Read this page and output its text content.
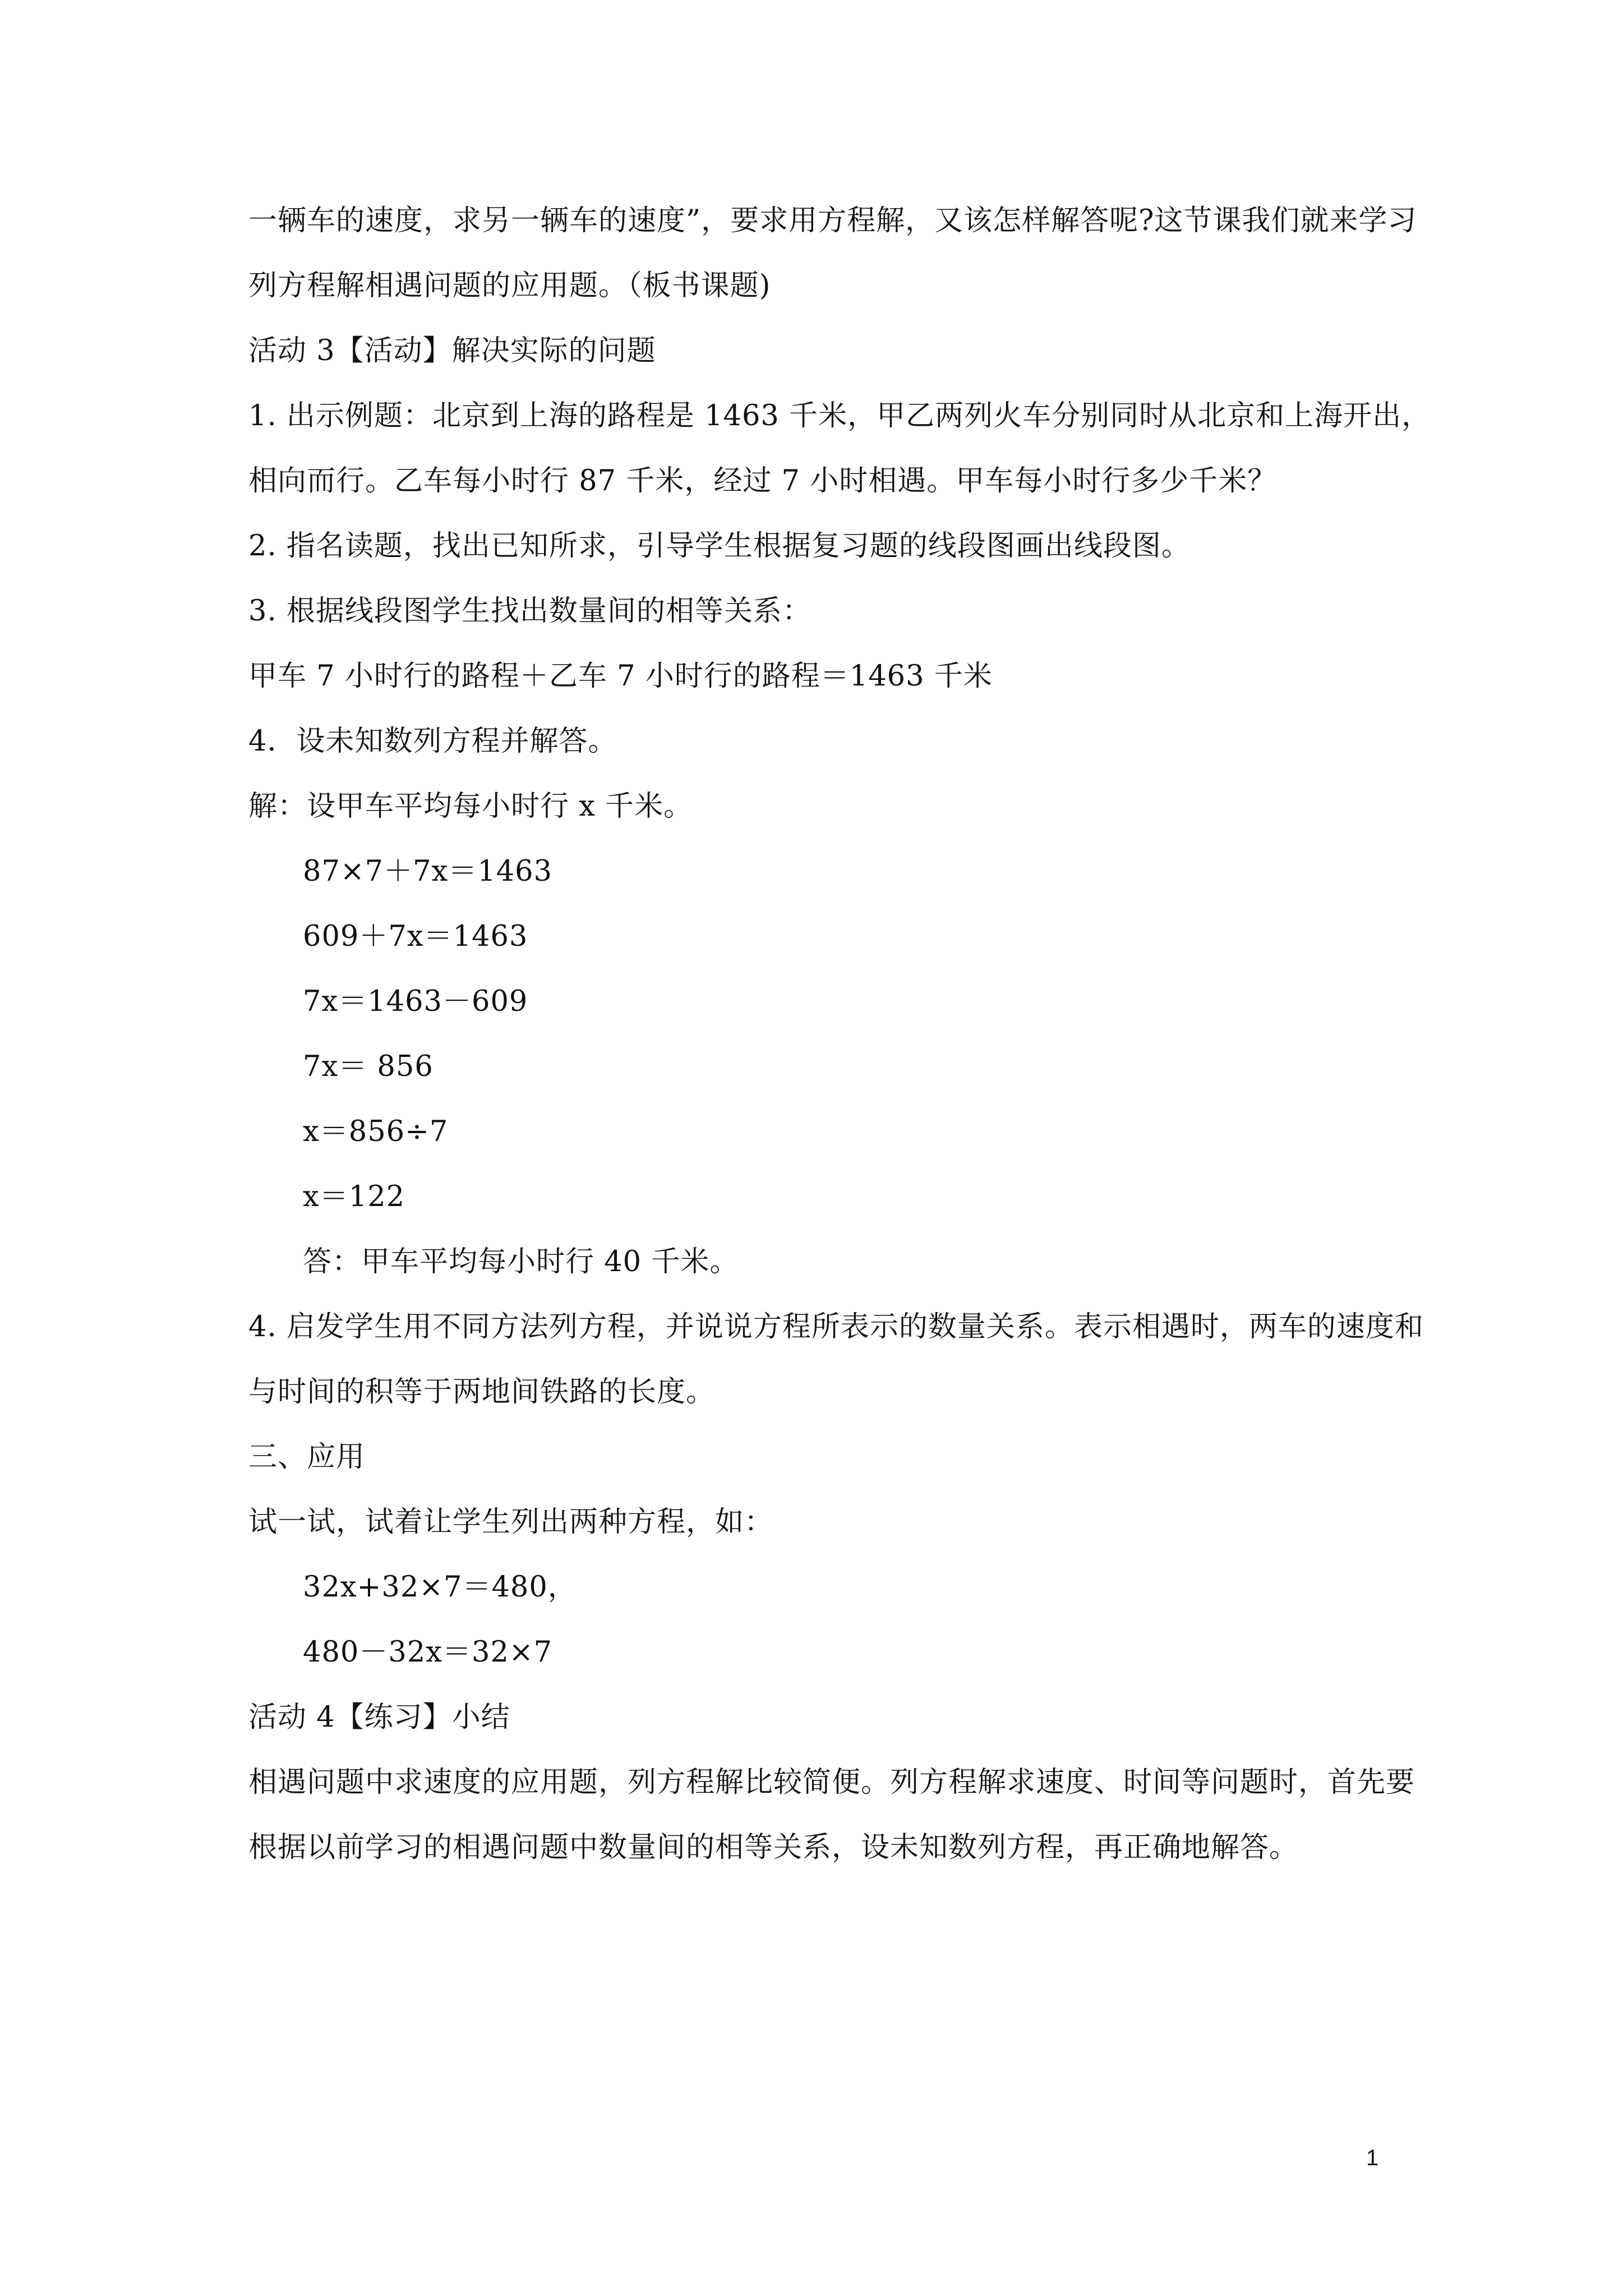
一辆车的速度，求另一辆车的速度”，要求用方程解，又该怎样解答呢?这节课我们就来学习
列方程解相遇问题的应用题。（板书课题)
活动 3【活动】解决实际的问题
1. 出示例题：北京到上海的路程是 1463 千米，甲乙两列火车分别同时从北京和上海开出，
相向而行。乙车每小时行 87 千米，经过 7 小时相遇。甲车每小时行多少千米？
2. 指名读题，找出已知所求，引导学生根据复习题的线段图画出线段图。
3. 根据线段图学生找出数量间的相等关系：
甲车 7 小时行的路程＋乙车 7 小时行的路程＝1463 千米
4．设未知数列方程并解答。
解：设甲车平均每小时行 x 千米。
87×7＋7x＝1463
609＋7x＝1463
7x＝1463－609
7x＝ 856
x＝856÷7
x＝122
答：甲车平均每小时行 40 千米。
4. 启发学生用不同方法列方程，并说说方程所表示的数量关系。表示相遇时，两车的速度和
与时间的积等于两地间铁路的长度。
三、应用
试一试，试着让学生列出两种方程，如：
32x+32×7＝480，
480－32x＝32×7
活动 4【练习】小结
相遇问题中求速度的应用题，列方程解比较简便。列方程解求速度、时间等问题时，首先要
根据以前学习的相遇问题中数量间的相等关系，设未知数列方程，再正确地解答。
1
